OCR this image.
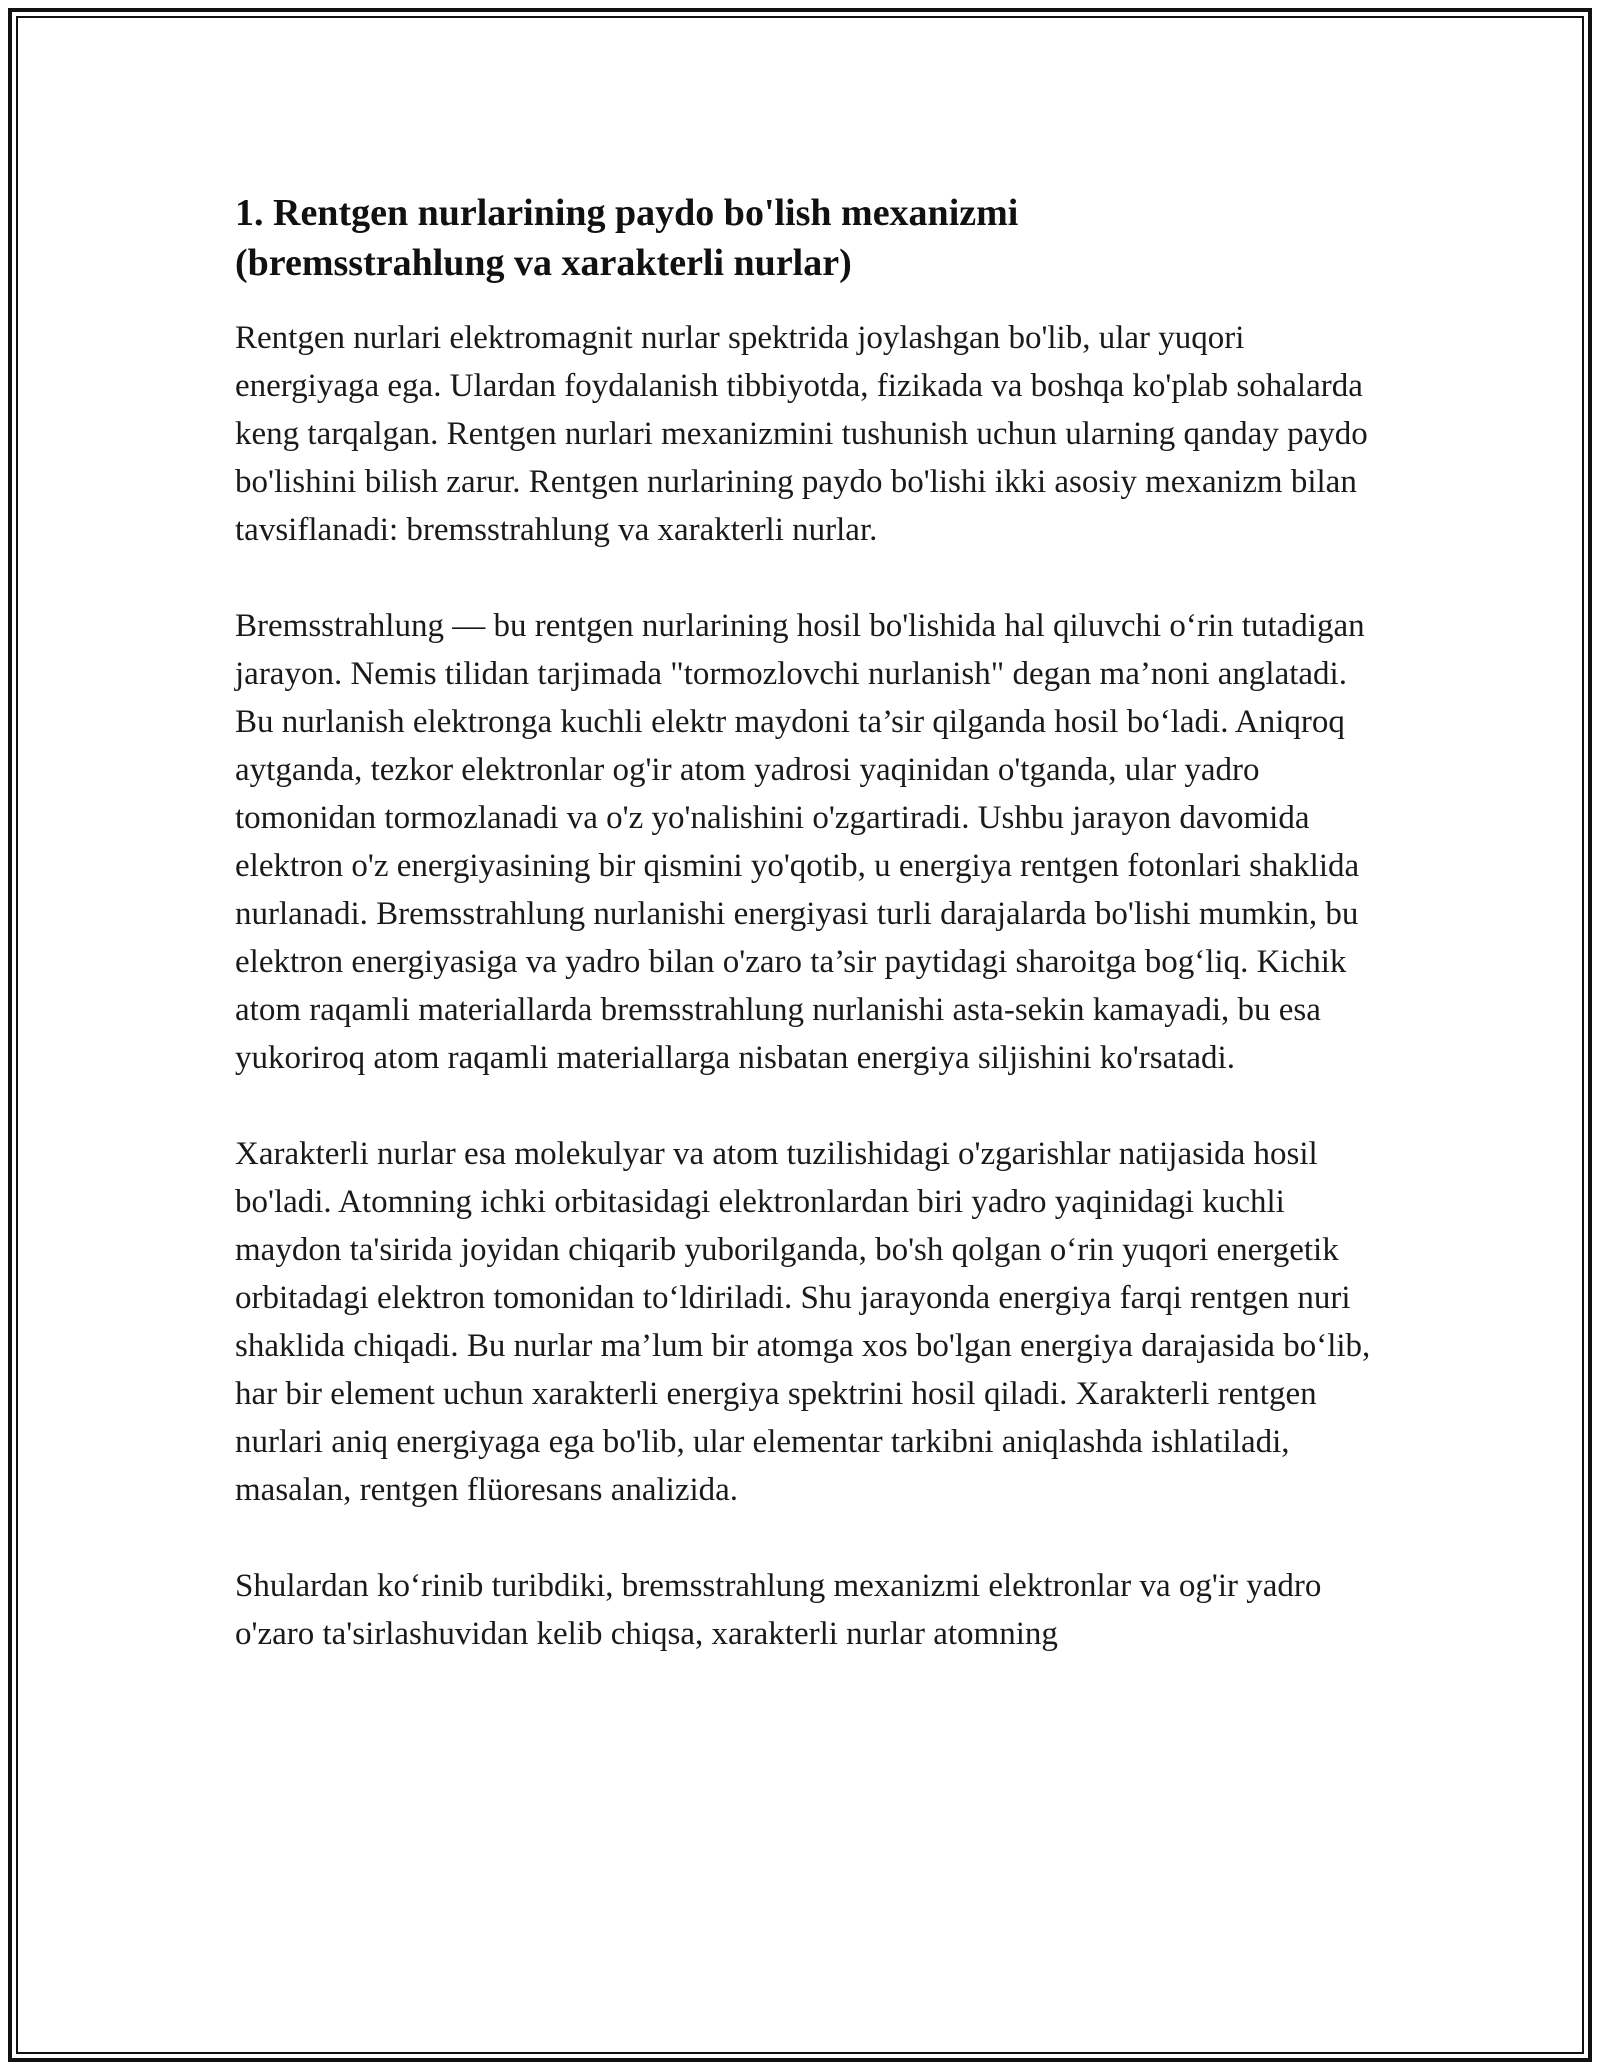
1. Rentgen nurlarining paydo bo'lish mexanizmi
(bremsstrahlung va xarakterli nurlar)

Rentgen nurlari elektromagnit nurlar spektrida joylashgan bo'lib, ular yuqori energiyaga ega. Ulardan foydalanish tibbiyotda, fizikada va boshqa ko'plab sohalarda keng tarqalgan. Rentgen nurlari mexanizmini tushunish uchun ularning qanday paydo bo'lishini bilish zarur. Rentgen nurlarining paydo bo'lishi ikki asosiy mexanizm bilan tavsiflanadi: bremsstrahlung va xarakterli nurlar.

Bremsstrahlung — bu rentgen nurlarining hosil bo'lishida hal qiluvchi o‘rin tutadigan jarayon. Nemis tilidan tarjimada "tormozlovchi nurlanish" degan ma’noni anglatadi. Bu nurlanish elektronga kuchli elektr maydoni ta’sir qilganda hosil bo‘ladi. Aniqroq aytganda, tezkor elektronlar og'ir atom yadrosi yaqinidan o'tganda, ular yadro tomonidan tormozlanadi va o'z yo'nalishini o'zgartiradi. Ushbu jarayon davomida elektron o'z energiyasining bir qismini yo'qotib, u energiya rentgen fotonlari shaklida nurlanadi. Bremsstrahlung nurlanishi energiyasi turli darajalarda bo'lishi mumkin, bu elektron energiyasiga va yadro bilan o'zaro ta’sir paytidagi sharoitga bog‘liq. Kichik atom raqamli materiallarda bremsstrahlung nurlanishi asta-sekin kamayadi, bu esa yukoriroq atom raqamli materiallarga nisbatan energiya siljishini ko'rsatadi.

Xarakterli nurlar esa molekulyar va atom tuzilishidagi o'zgarishlar natijasida hosil bo'ladi. Atomning ichki orbitasidagi elektronlardan biri yadro yaqinidagi kuchli maydon ta'sirida joyidan chiqarib yuborilganda, bo'sh qolgan o‘rin yuqori energetik orbitadagi elektron tomonidan to‘ldiriladi. Shu jarayonda energiya farqi rentgen nuri shaklida chiqadi. Bu nurlar ma’lum bir atomga xos bo'lgan energiya darajasida bo‘lib, har bir element uchun xarakterli energiya spektrini hosil qiladi. Xarakterli rentgen nurlari aniq energiyaga ega bo'lib, ular elementar tarkibni aniqlashda ishlatiladi, masalan, rentgen flüoresans analizida.

Shulardan ko‘rinib turibdiki, bremsstrahlung mexanizmi elektronlar va og'ir yadro o'zaro ta'sirlashuvidan kelib chiqsa, xarakterli nurlar atomning
